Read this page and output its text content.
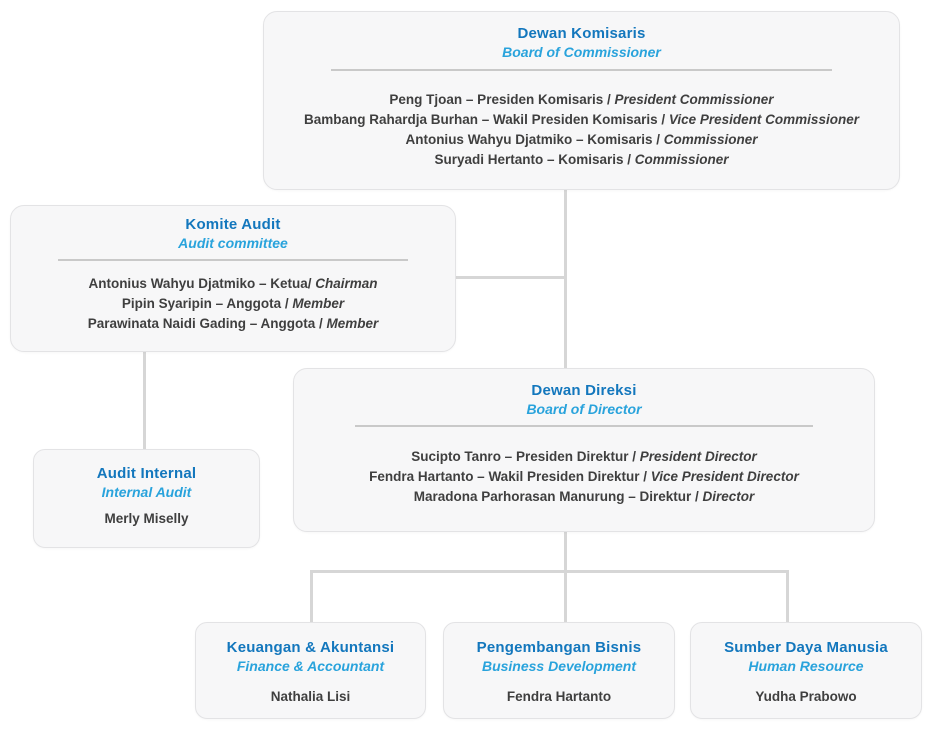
Dewan Komisaris
Board of Commissioner
Peng Tjoan – Presiden Komisaris / President Commissioner
Bambang Rahardja Burhan – Wakil Presiden Komisaris / Vice President Commissioner
Antonius Wahyu Djatmiko – Komisaris / Commissioner
Suryadi Hertanto – Komisaris / Commissioner
Komite Audit
Audit committee
Antonius Wahyu Djatmiko – Ketua/ Chairman
Pipin Syaripin – Anggota / Member
Parawinata Naidi Gading – Anggota / Member
Dewan Direksi
Board of Director
Sucipto Tanro – Presiden Direktur / President Director
Fendra Hartanto – Wakil Presiden Direktur / Vice President Director
Maradona Parhorasan Manurung – Direktur / Director
Audit Internal
Internal Audit
Merly Miselly
Keuangan & Akuntansi
Finance & Accountant
Nathalia Lisi
Pengembangan Bisnis
Business Development
Fendra Hartanto
Sumber Daya Manusia
Human Resource
Yudha Prabowo
